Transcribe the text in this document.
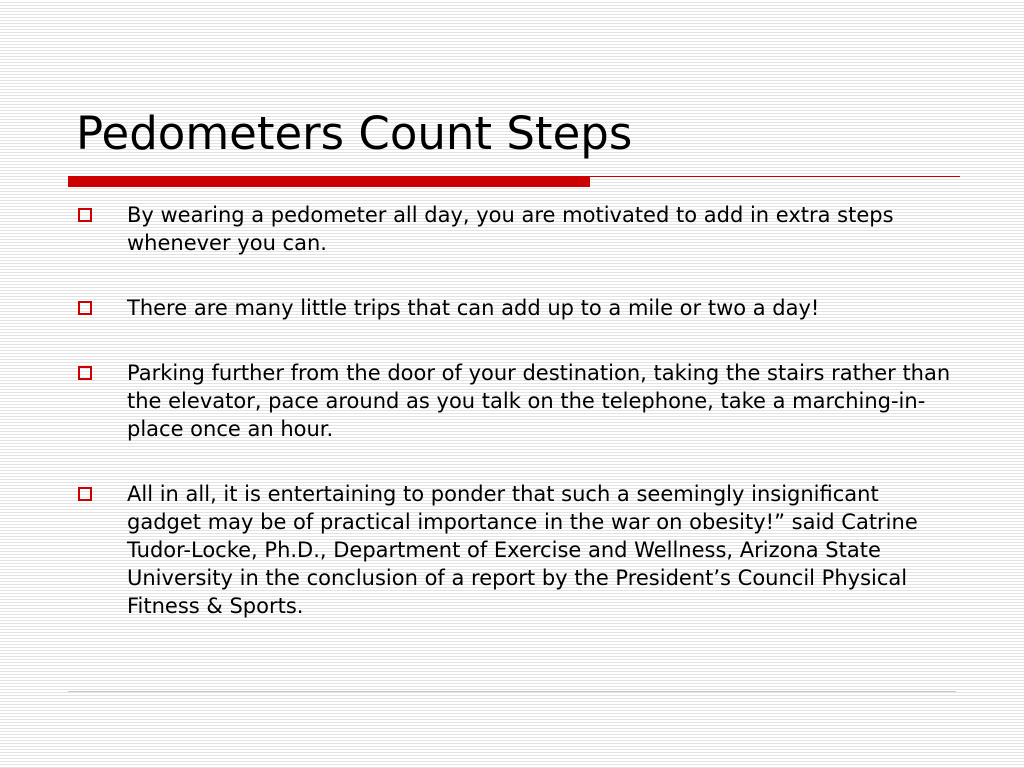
Pedometers Count Steps
By wearing a pedometer all day, you are motivated to add in extra steps whenever you can.
There are many little trips that can add up to a mile or two a day!
Parking further from the door of your destination, taking the stairs rather than the elevator, pace around as you talk on the telephone, take a marching-in-place once an hour.
All in all, it is entertaining to ponder that such a seemingly insignificant gadget may be of practical importance in the war on obesity!” said Catrine Tudor-Locke, Ph.D., Department of Exercise and Wellness, Arizona State University in the conclusion of a report by the President’s Council Physical Fitness & Sports.
